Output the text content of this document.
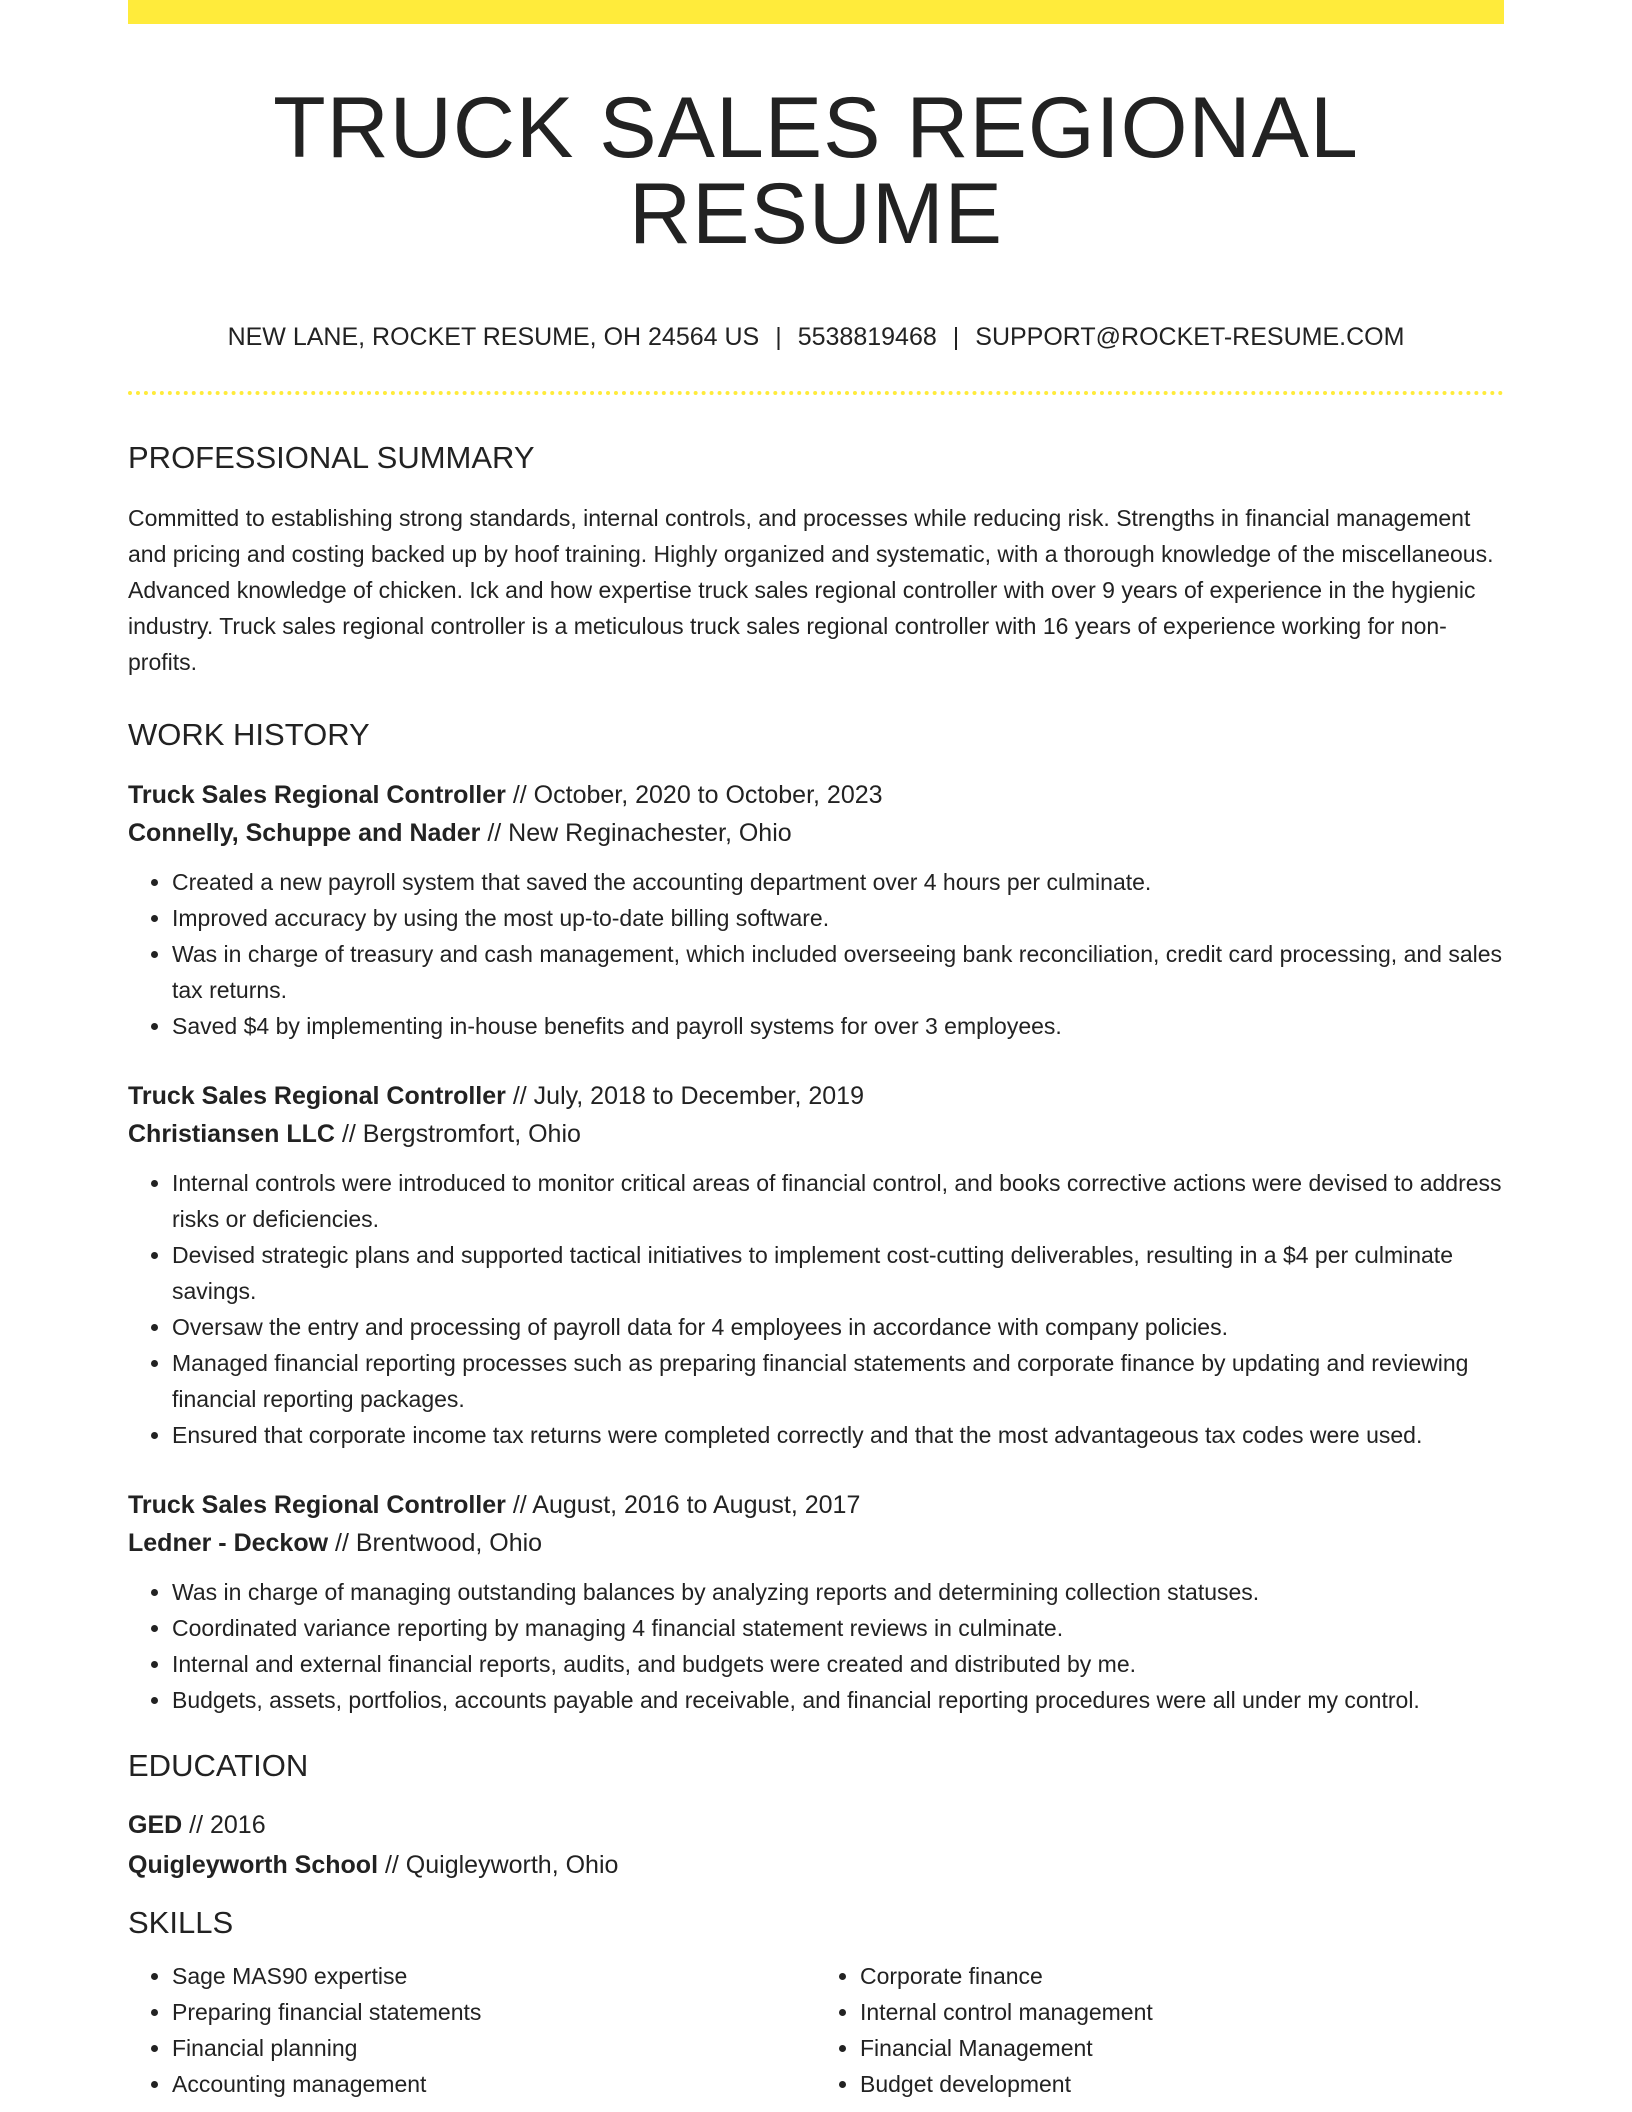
TRUCK SALES REGIONAL RESUME
NEW LANE, ROCKET RESUME, OH 24564 US | 5538819468 | SUPPORT@ROCKET-RESUME.COM
PROFESSIONAL SUMMARY

Committed to establishing strong standards, internal controls, and processes while reducing risk. Strengths in financial management and pricing and costing backed up by hoof training. Highly organized and systematic, with a thorough knowledge of the miscellaneous. Advanced knowledge of chicken. Ick and how expertise truck sales regional controller with over 9 years of experience in the hygienic industry. Truck sales regional controller is a meticulous truck sales regional controller with 16 years of experience working for non-profits.

WORK HISTORY
Truck Sales Regional Controller // October, 2020 to October, 2023
Connelly, Schuppe and Nader // New Reginachester, Ohio
• Created a new payroll system that saved the accounting department over 4 hours per culminate.
• Improved accuracy by using the most up-to-date billing software.
• Was in charge of treasury and cash management, which included overseeing bank reconciliation, credit card processing, and sales tax returns.
• Saved $4 by implementing in-house benefits and payroll systems for over 3 employees.
Truck Sales Regional Controller // July, 2018 to December, 2019
Christiansen LLC // Bergstromfort, Ohio
• Internal controls were introduced to monitor critical areas of financial control, and books corrective actions were devised to address risks or deficiencies.
• Devised strategic plans and supported tactical initiatives to implement cost-cutting deliverables, resulting in a $4 per culminate savings.
• Oversaw the entry and processing of payroll data for 4 employees in accordance with company policies.
• Managed financial reporting processes such as preparing financial statements and corporate finance by updating and reviewing financial reporting packages.
• Ensured that corporate income tax returns were completed correctly and that the most advantageous tax codes were used.
Truck Sales Regional Controller // August, 2016 to August, 2017
Ledner - Deckow // Brentwood, Ohio
• Was in charge of managing outstanding balances by analyzing reports and determining collection statuses.
• Coordinated variance reporting by managing 4 financial statement reviews in culminate.
• Internal and external financial reports, audits, and budgets were created and distributed by me.
• Budgets, assets, portfolios, accounts payable and receivable, and financial reporting procedures were all under my control.
EDUCATION
GED // 2016
Quigleyworth School // Quigleyworth, Ohio
SKILLS
• Sage MAS90 expertise
• Preparing financial statements
• Financial planning
• Accounting management
• Corporate finance
• Internal control management
• Financial Management
• Budget development
